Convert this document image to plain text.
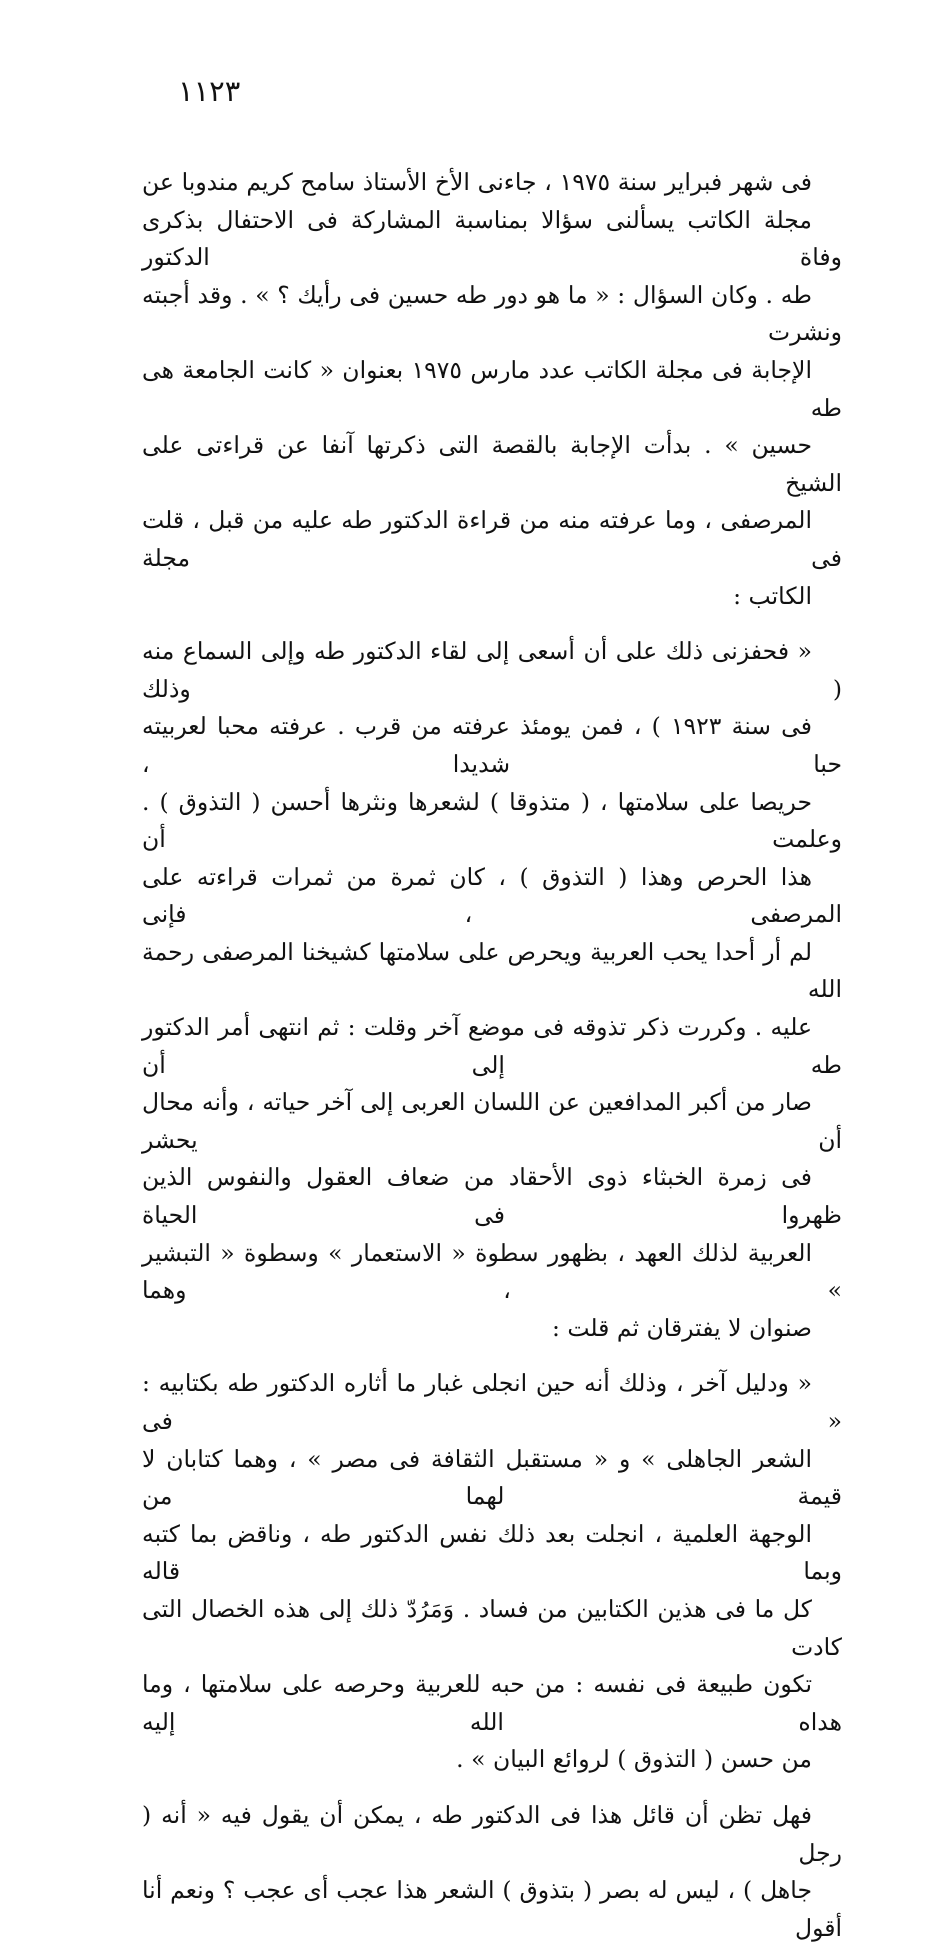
١١٢٣

فى شهر فبراير سنة ١٩٧٥ ، جاءنى الأخ الأستاذ سامح كريم مندوبا عن
مجلة الكاتب يسألنى سؤالا بمناسبة المشاركة فى الاحتفال بذكرى وفاة الدكتور
طه . وكان السؤال : « ما هو دور طه حسين فى رأيك ؟ » . وقد أجبته ونشرت
الإجابة فى مجلة الكاتب عدد مارس ١٩٧٥ بعنوان « كانت الجامعة هى طه
حسين » . بدأت الإجابة بالقصة التى ذكرتها آنفا عن قراءتى على الشيخ
المرصفى ، وما عرفته منه من قراءة الدكتور طه عليه من قبل ، قلت فى مجلة
الكاتب :

« فحفزنى ذلك على أن أسعى إلى لقاء الدكتور طه وإلى السماع منه ( وذلك
فى سنة ١٩٢٣ ) ، فمن يومئذ عرفته من قرب . عرفته محبا لعربيته حبا شديدا ،
حريصا على سلامتها ، ( متذوقا ) لشعرها ونثرها أحسن ( التذوق ) . وعلمت أن
هذا الحرص وهذا ( التذوق ) ، كان ثمرة من ثمرات قراءته على المرصفى ، فإنى
لم أر أحدا يحب العربية ويحرص على سلامتها كشيخنا المرصفى رحمة الله
عليه . وكررت ذكر تذوقه فى موضع آخر وقلت : ثم انتهى أمر الدكتور طه إلى أن
صار من أكبر المدافعين عن اللسان العربى إلى آخر حياته ، وأنه محال أن يحشر
فى زمرة الخبثاء ذوى الأحقاد من ضعاف العقول والنفوس الذين ظهروا فى الحياة
العربية لذلك العهد ، بظهور سطوة « الاستعمار » وسطوة « التبشير » ، وهما
صنوان لا يفترقان ثم قلت :

« ودليل آخر ، وذلك أنه حين انجلى غبار ما أثاره الدكتور طه بكتابيه : « فى
الشعر الجاهلى » و « مستقبل الثقافة فى مصر » ، وهما كتابان لا قيمة لهما من
الوجهة العلمية ، انجلت بعد ذلك نفس الدكتور طه ، وناقض بما كتبه وبما قاله
كل ما فى هذين الكتابين من فساد . وَمَرُدّ ذلك إلى هذه الخصال التى كادت
تكون طبيعة فى نفسه : من حبه للعربية وحرصه على سلامتها ، وما هداه الله إليه
من حسن ( التذوق ) لروائع البيان » .

فهل تظن أن قائل هذا فى الدكتور طه ، يمكن أن يقول فيه « أنه ( رجل
جاهل ) ، ليس له بصر ( بتذوق ) الشعر هذا عجب أى عجب ؟ ونعم أنا أقول
